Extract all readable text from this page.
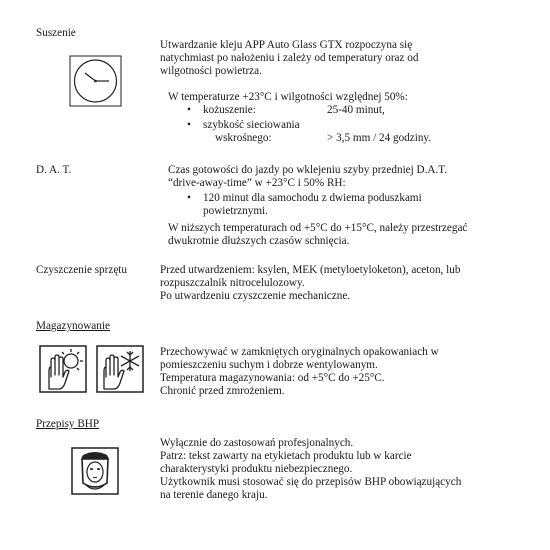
Suszenie
Utwardzanie kleju APP Auto Glass GTX rozpoczyna się
natychmiast po nałożeniu i zależy od temperatury oraz od
wilgotności powietrza.
W temperaturze +23°C i wilgotności względnej 50%:
• kożuszenie:	25-40 minut,
• szybkość sieciowania
wskrośnego:	> 3,5 mm / 24 godziny.
D. A. T.	Czas gotowości do jazdy po wklejeniu szyby przedniej D.A.T.
“drive-away-time” w +23°C i 50% RH:
• 120 minut dla samochodu z dwiema poduszkami
powietrznymi.
W niższych temperaturach od +5°C do +15°C, należy przestrzegać
dwukrotnie dłuższych czasów schnięcia.
Czyszczenie sprzętu	Przed utwardzeniem: ksylen, MEK (metyloetyloketon), aceton, lub
rozpuszczalnik nitrocelulozowy.
Po utwardzeniu czyszczenie mechaniczne.
Magazynowanie
Przechowywać w zamkniętych oryginalnych opakowaniach w
pomieszczeniu suchym i dobrze wentylowanym.
Temperatura magazynowania: od +5°C do +25°C.
Chronić przed zmrożeniem.
Przepisy BHP
Wyłącznie do zastosowań profesjonalnych.
Patrz: tekst zawarty na etykietach produktu lub w karcie
charakterystyki produktu niebezpiecznego.
Użytkownik musi stosować się do przepisów BHP obowiązujących
na terenie danego kraju.
